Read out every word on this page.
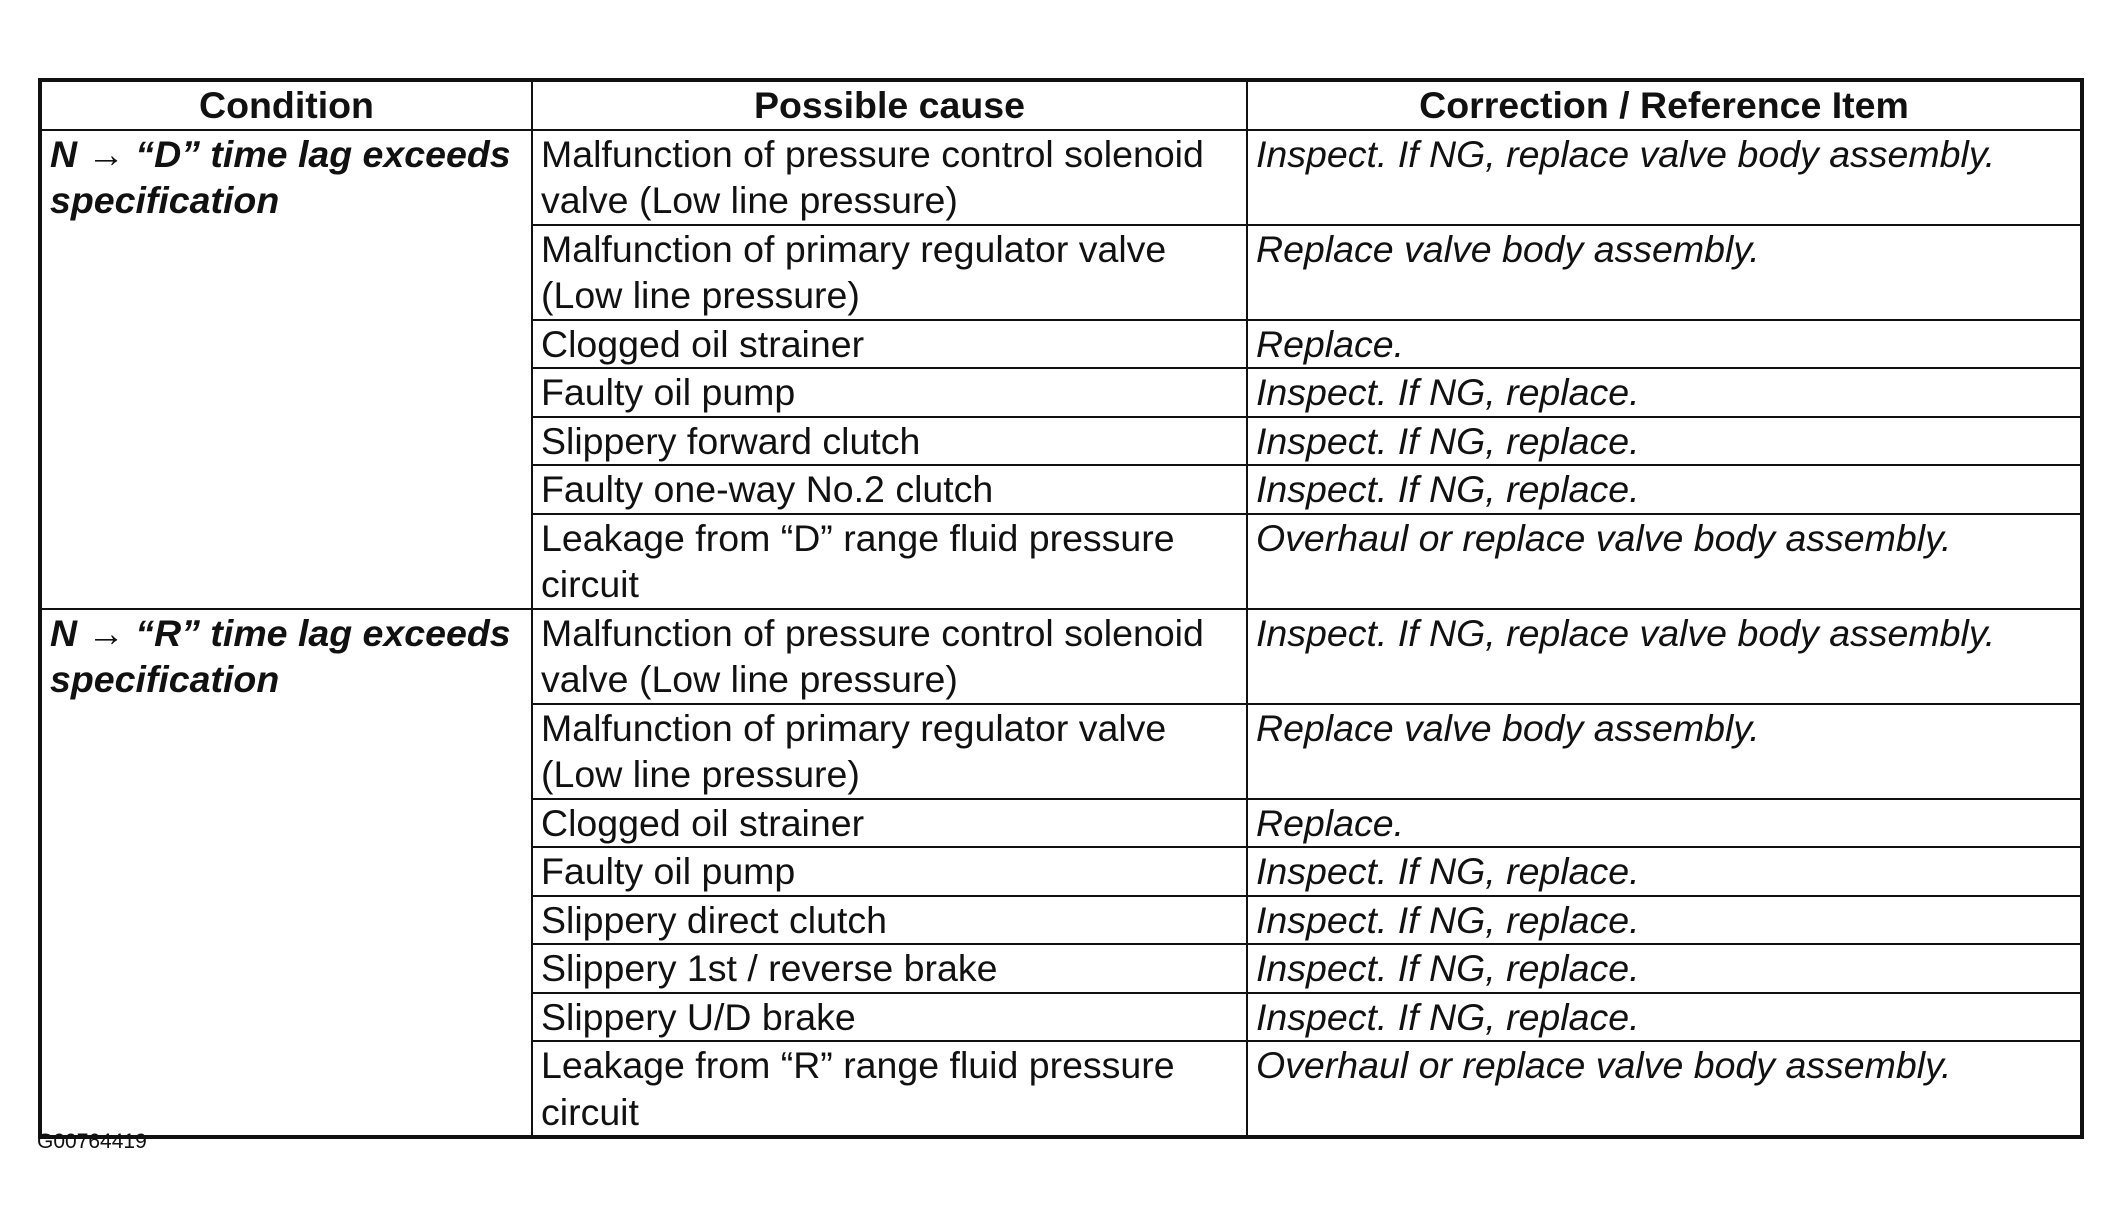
Condition	Possible cause	Correction / Reference Item
N → “D” time lag exceeds specification	Malfunction of pressure control solenoid valve (Low line pressure)	Inspect. If NG, replace valve body assembly.
	Malfunction of primary regulator valve (Low line pressure)	Replace valve body assembly.
	Clogged oil strainer	Replace.
	Faulty oil pump	Inspect. If NG, replace.
	Slippery forward clutch	Inspect. If NG, replace.
	Faulty one-way No.2 clutch	Inspect. If NG, replace.
	Leakage from “D” range fluid pressure circuit	Overhaul or replace valve body assembly.
N → “R” time lag exceeds specification	Malfunction of pressure control solenoid valve (Low line pressure)	Inspect. If NG, replace valve body assembly.
	Malfunction of primary regulator valve (Low line pressure)	Replace valve body assembly.
	Clogged oil strainer	Replace.
	Faulty oil pump	Inspect. If NG, replace.
	Slippery direct clutch	Inspect. If NG, replace.
	Slippery 1st / reverse brake	Inspect. If NG, replace.
	Slippery U/D brake	Inspect. If NG, replace.
	Leakage from “R” range fluid pressure circuit	Overhaul or replace valve body assembly.
G00764419
